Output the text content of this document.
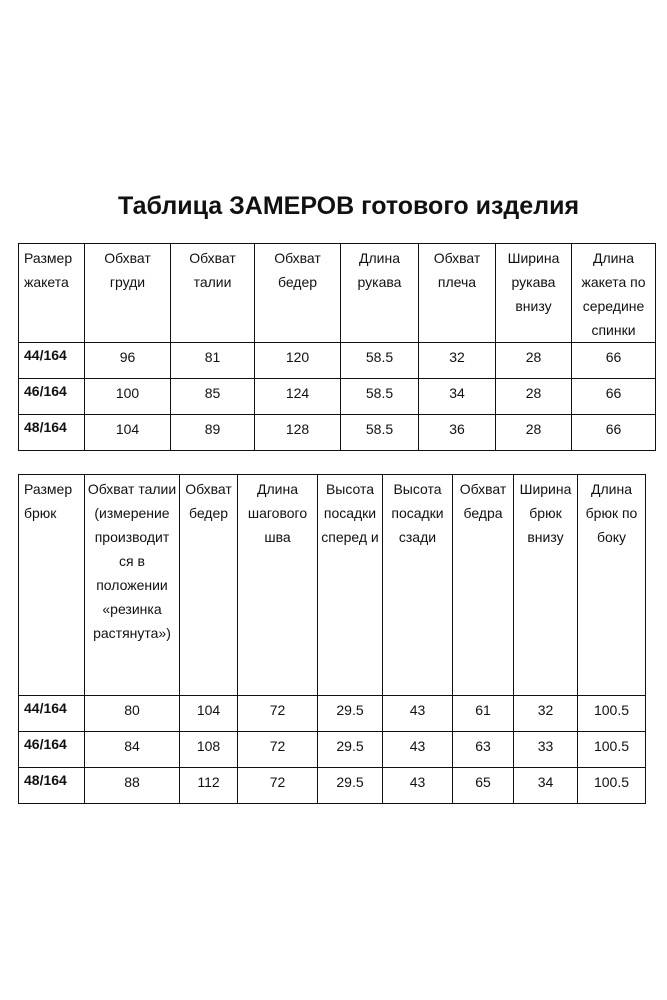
Таблица ЗАМЕРОВ готового изделия
Размер жакета	Обхват груди	Обхват талии	Обхват бедер	Длина рукава	Обхват плеча	Ширина рукава внизу	Длина жакета по середине спинки
44/164	96	81	120	58.5	32	28	66
46/164	100	85	124	58.5	34	28	66
48/164	104	89	128	58.5	36	28	66
Размер брюк	Обхват талии (измерение производит ся в положении «резинка растянута»)	Обхват бедер	Длина шагового шва	Высота посадки сперед и	Высота посадки сзади	Обхват бедра	Ширина брюк внизу	Длина брюк по боку
44/164	80	104	72	29.5	43	61	32	100.5
46/164	84	108	72	29.5	43	63	33	100.5
48/164	88	112	72	29.5	43	65	34	100.5
